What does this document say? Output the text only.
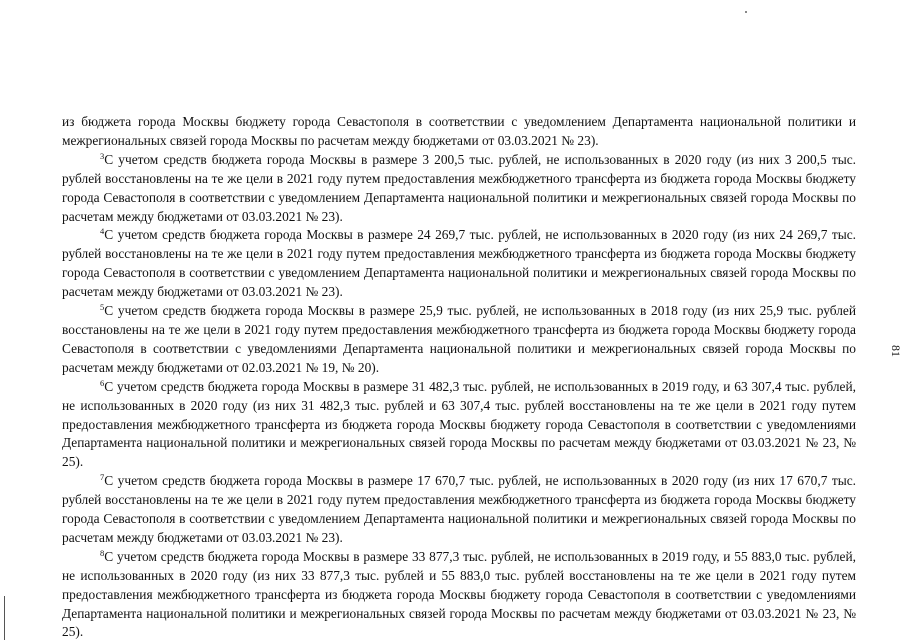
из бюджета города Москвы бюджету города Севастополя в соответствии с уведомлением Департамента национальной политики и межрегиональных связей города Москвы по расчетам между бюджетами от 03.03.2021 № 23).

$^3$С учетом средств бюджета города Москвы в размере 3 200,5 тыс. рублей, не использованных в 2020 году (из них 3 200,5 тыс. рублей восстановлены на те же цели в 2021 году путем предоставления межбюджетного трансферта из бюджета города Москвы бюджету города Севастополя в соответствии с уведомлением Департамента национальной политики и межрегиональных связей города Москвы по расчетам между бюджетами от 03.03.2021 № 23).

$^4$С учетом средств бюджета города Москвы в размере 24 269,7 тыс. рублей, не использованных в 2020 году (из них 24 269,7 тыс. рублей восстановлены на те же цели в 2021 году путем предоставления межбюджетного трансферта из бюджета города Москвы бюджету города Севастополя в соответствии с уведомлением Департамента национальной политики и межрегиональных связей города Москвы по расчетам между бюджетами от 03.03.2021 № 23).

$^5$С учетом средств бюджета города Москвы в размере 25,9 тыс. рублей, не использованных в 2018 году (из них 25,9 тыс. рублей восстановлены на те же цели в 2021 году путем предоставления межбюджетного трансферта из бюджета города Москвы бюджету города Севастополя в соответствии с уведомлениями Департамента национальной политики и межрегиональных связей города Москвы по расчетам между бюджетами от 02.03.2021 № 19, № 20).

$^6$С учетом средств бюджета города Москвы в размере 31 482,3 тыс. рублей, не использованных в 2019 году, и 63 307,4 тыс. рублей, не использованных в 2020 году (из них 31 482,3 тыс. рублей и 63 307,4 тыс. рублей восстановлены на те же цели в 2021 году путем предоставления межбюджетного трансферта из бюджета города Москвы бюджету города Севастополя в соответствии с уведомлениями Департамента национальной политики и межрегиональных связей города Москвы по расчетам между бюджетами от 03.03.2021 № 23, № 25).

$^7$С учетом средств бюджета города Москвы в размере 17 670,7 тыс. рублей, не использованных в 2020 году (из них 17 670,7 тыс. рублей восстановлены на те же цели в 2021 году путем предоставления межбюджетного трансферта из бюджета города Москвы бюджету города Севастополя в соответствии с уведомлением Департамента национальной политики и межрегиональных связей города Москвы по расчетам между бюджетами от 03.03.2021 № 23).

$^8$С учетом средств бюджета города Москвы в размере 33 877,3 тыс. рублей, не использованных в 2019 году, и 55 883,0 тыс. рублей, не использованных в 2020 году (из них 33 877,3 тыс. рублей и 55 883,0 тыс. рублей восстановлены на те же цели в 2021 году путем предоставления межбюджетного трансферта из бюджета города Москвы бюджету города Севастополя в соответствии с уведомлениями Департамента национальной политики и межрегиональных связей города Москвы по расчетам между бюджетами от 03.03.2021 № 23, № 25).

81
